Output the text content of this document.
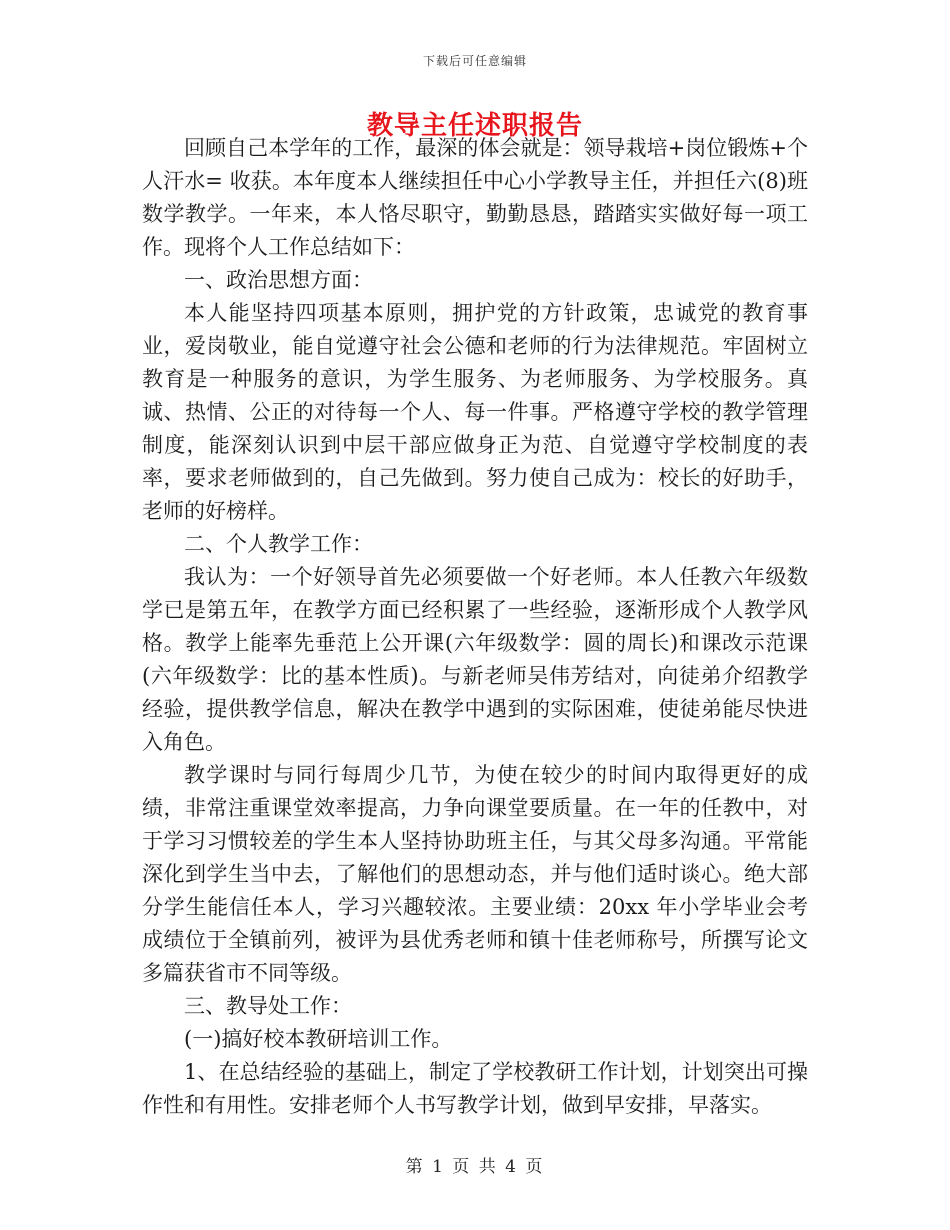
下载后可任意编辑
教导主任述职报告

回顾自己本学年的工作，最深的体会就是：领导栽培+岗位锻炼+个人汗水= 收获。本年度本人继续担任中心小学教导主任，并担任六(8)班数学教学。一年来，本人恪尽职守，勤勤恳恳，踏踏实实做好每一项工作。现将个人工作总结如下：

一、政治思想方面：

本人能坚持四项基本原则，拥护党的方针政策，忠诚党的教育事业，爱岗敬业，能自觉遵守社会公德和老师的行为法律规范。牢固树立教育是一种服务的意识，为学生服务、为老师服务、为学校服务。真诚、热情、公正的对待每一个人、每一件事。严格遵守学校的教学管理制度，能深刻认识到中层干部应做身正为范、自觉遵守学校制度的表率，要求老师做到的，自己先做到。努力使自己成为：校长的好助手，老师的好榜样。

二、个人教学工作：

我认为：一个好领导首先必须要做一个好老师。本人任教六年级数学已是第五年，在教学方面已经积累了一些经验，逐渐形成个人教学风格。教学上能率先垂范上公开课(六年级数学：圆的周长)和课改示范课(六年级数学：比的基本性质)。与新老师吴伟芳结对，向徒弟介绍教学经验，提供教学信息，解决在教学中遇到的实际困难，使徒弟能尽快进入角色。

教学课时与同行每周少几节，为使在较少的时间内取得更好的成绩，非常注重课堂效率提高，力争向课堂要质量。在一年的任教中，对于学习习惯较差的学生本人坚持协助班主任，与其父母多沟通。平常能深化到学生当中去，了解他们的思想动态，并与他们适时谈心。绝大部分学生能信任本人，学习兴趣较浓。主要业绩：20xx 年小学毕业会考成绩位于全镇前列，被评为县优秀老师和镇十佳老师称号，所撰写论文多篇获省市不同等级。

三、教导处工作：

(一)搞好校本教研培训工作。

1、在总结经验的基础上，制定了学校教研工作计划，计划突出可操作性和有用性。安排老师个人书写教学计划，做到早安排，早落实。

第 1 页 共 4 页
